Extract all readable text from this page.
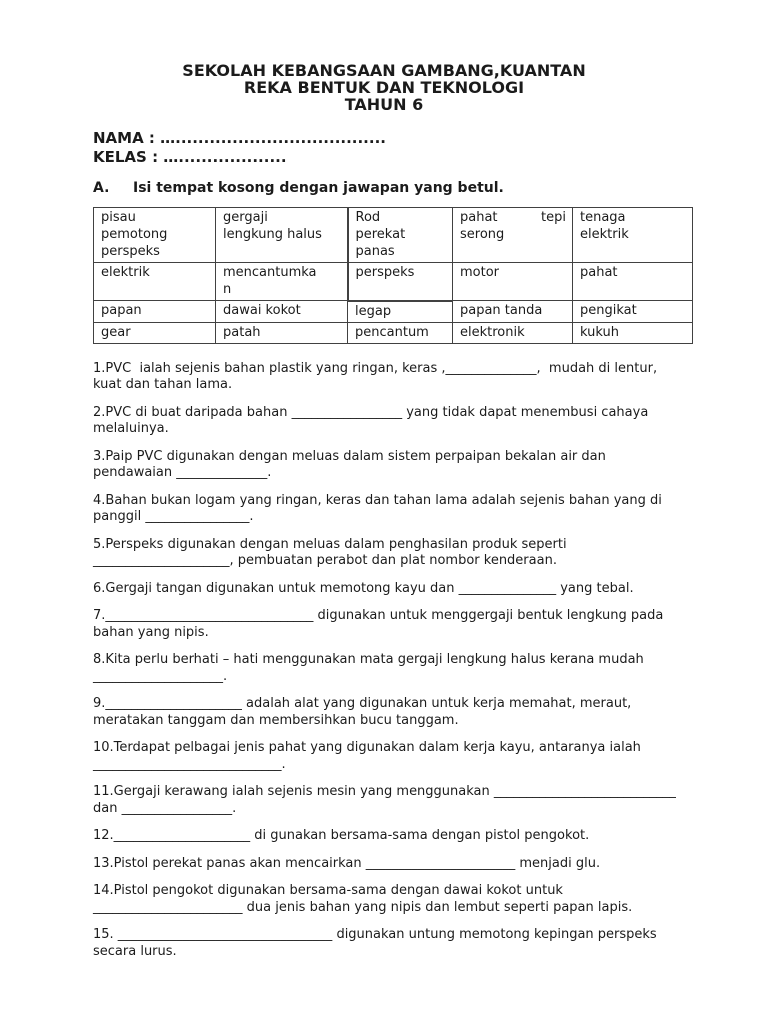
SEKOLAH KEBANGSAAN GAMBANG,KUANTAN
REKA BENTUK DAN TEKNOLOGI
TAHUN 6
NAMA : ….....................................
KELAS : …...................
A.	Isi tempat kosong dengan jawapan yang betul.
pisau pemotong perspeks	gergaji lengkung halus	Rod perekat panas	pahat tepi serong	tenaga elektrik
elektrik	mencantumkan	perspeks	motor	pahat
papan	dawai kokot	legap	papan tanda	pengikat
gear	patah	pencantum	elektronik	kukuh

1.PVC  ialah sejenis bahan plastik yang ringan, keras ,______________,  mudah di lentur, kuat dan tahan lama.

2.PVC di buat daripada bahan _________________ yang tidak dapat menembusi cahaya melaluinya.

3.Paip PVC digunakan dengan meluas dalam sistem perpaipan bekalan air dan pendawaian ______________.

4.Bahan bukan logam yang ringan, keras dan tahan lama adalah sejenis bahan yang di panggil ________________.

5.Perspeks digunakan dengan meluas dalam penghasilan produk seperti _____________________, pembuatan perabot dan plat nombor kenderaan.

6.Gergaji tangan digunakan untuk memotong kayu dan _______________ yang tebal.

7.________________________________ digunakan untuk menggergaji bentuk lengkung pada bahan yang nipis.

8.Kita perlu berhati – hati menggunakan mata gergaji lengkung halus kerana mudah ____________________.

9._____________________ adalah alat yang digunakan untuk kerja memahat, meraut, meratakan tanggam dan membersihkan bucu tanggam.

10.Terdapat pelbagai jenis pahat yang digunakan dalam kerja kayu, antaranya ialah _____________________________.

11.Gergaji kerawang ialah sejenis mesin yang menggunakan ____________________________ dan _________________.

12._____________________ di gunakan bersama-sama dengan pistol pengokot.

13.Pistol perekat panas akan mencairkan _______________________ menjadi glu.

14.Pistol pengokot digunakan bersama-sama dengan dawai kokot untuk _______________________ dua jenis bahan yang nipis dan lembut seperti papan lapis.

15. _________________________________ digunakan untung memotong kepingan perspeks secara lurus.
